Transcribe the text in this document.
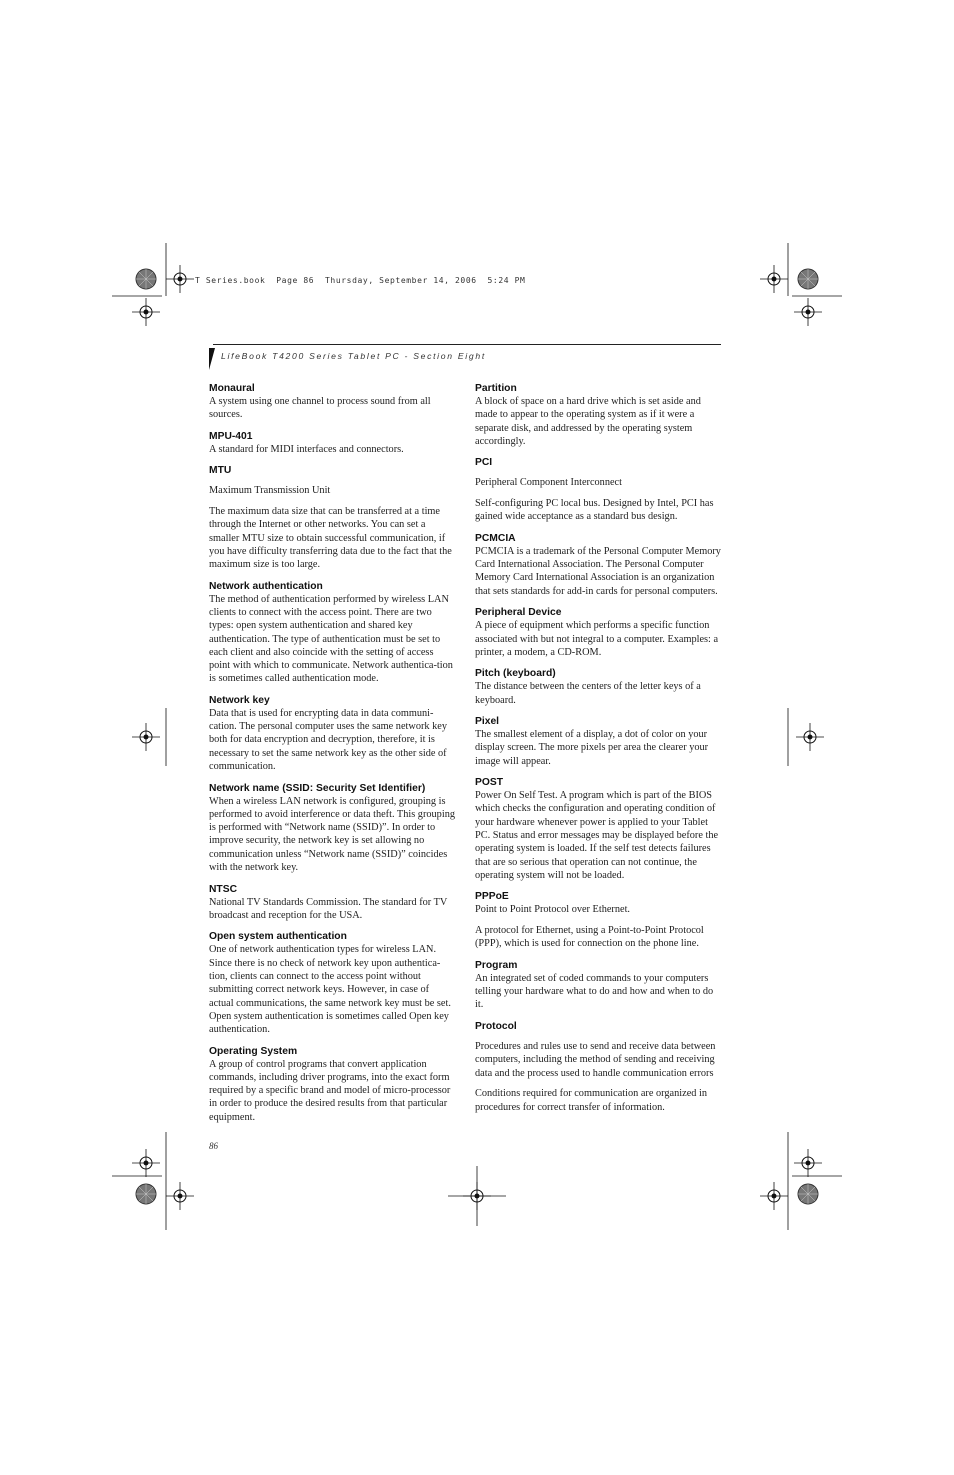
T Series.book  Page 86  Thursday, September 14, 2006  5:24 PM
LifeBook T4200 Series Tablet PC - Section Eight

Monaural

A system using one channel to process sound from all sources.

MPU-401

A standard for MIDI interfaces and connectors.

MTU

Maximum Transmission Unit

The maximum data size that can be transferred at a time through the Internet or other networks. You can set a smaller MTU size to obtain successful communication, if you have difficulty transferring data due to the fact that the maximum size is too large.

Network authentication

The method of authentication performed by wireless LAN clients to connect with the access point. There are two types: open system authentication and shared key authentication. The type of authentication must be set to each client and also coincide with the setting of access point with which to communicate. Network authentica-tion is sometimes called authentication mode.

Network key

Data that is used for encrypting data in data communi-cation. The personal computer uses the same network key both for data encryption and decryption, therefore, it is necessary to set the same network key as the other side of communication.

Network name (SSID: Security Set Identifier)

When a wireless LAN network is configured, grouping is performed to avoid interference or data theft. This grouping is performed with “Network name (SSID)”. In order to improve security, the network key is set allowing no communication unless “Network name (SSID)” coincides with the network key.

NTSC

National TV Standards Commission. The standard for TV broadcast and reception for the USA.

Open system authentication

One of network authentication types for wireless LAN. Since there is no check of network key upon authentica-tion, clients can connect to the access point without submitting correct network keys. However, in case of actual communications, the same network key must be set. Open system authentication is sometimes called Open key authentication.

Operating System

A group of control programs that convert application commands, including driver programs, into the exact form required by a specific brand and model of micro-processor in order to produce the desired results from that particular equipment.

Partition

A block of space on a hard drive which is set aside and made to appear to the operating system as if it were a separate disk, and addressed by the operating system accordingly.

PCI

Peripheral Component Interconnect

Self-configuring PC local bus. Designed by Intel, PCI has gained wide acceptance as a standard bus design.

PCMCIA

PCMCIA is a trademark of the Personal Computer Memory Card International Association. The Personal Computer Memory Card International Association is an organization that sets standards for add-in cards for personal computers.

Peripheral Device

A piece of equipment which performs a specific function associated with but not integral to a computer. Examples: a printer, a modem, a CD-ROM.

Pitch (keyboard)

The distance between the centers of the letter keys of a keyboard.

Pixel

The smallest element of a display, a dot of color on your display screen. The more pixels per area the clearer your image will appear.

POST

Power On Self Test. A program which is part of the BIOS which checks the configuration and operating condition of your hardware whenever power is applied to your Tablet PC. Status and error messages may be displayed before the operating system is loaded. If the self test detects failures that are so serious that operation can not continue, the operating system will not be loaded.

PPPoE

Point to Point Protocol over Ethernet.

A protocol for Ethernet, using a Point-to-Point Protocol (PPP), which is used for connection on the phone line.

Program

An integrated set of coded commands to your computers telling your hardware what to do and how and when to do it.

Protocol

Procedures and rules use to send and receive data between computers, including the method of sending and receiving data and the process used to handle communication errors

Conditions required for communication are organized in procedures for correct transfer of information.

86
